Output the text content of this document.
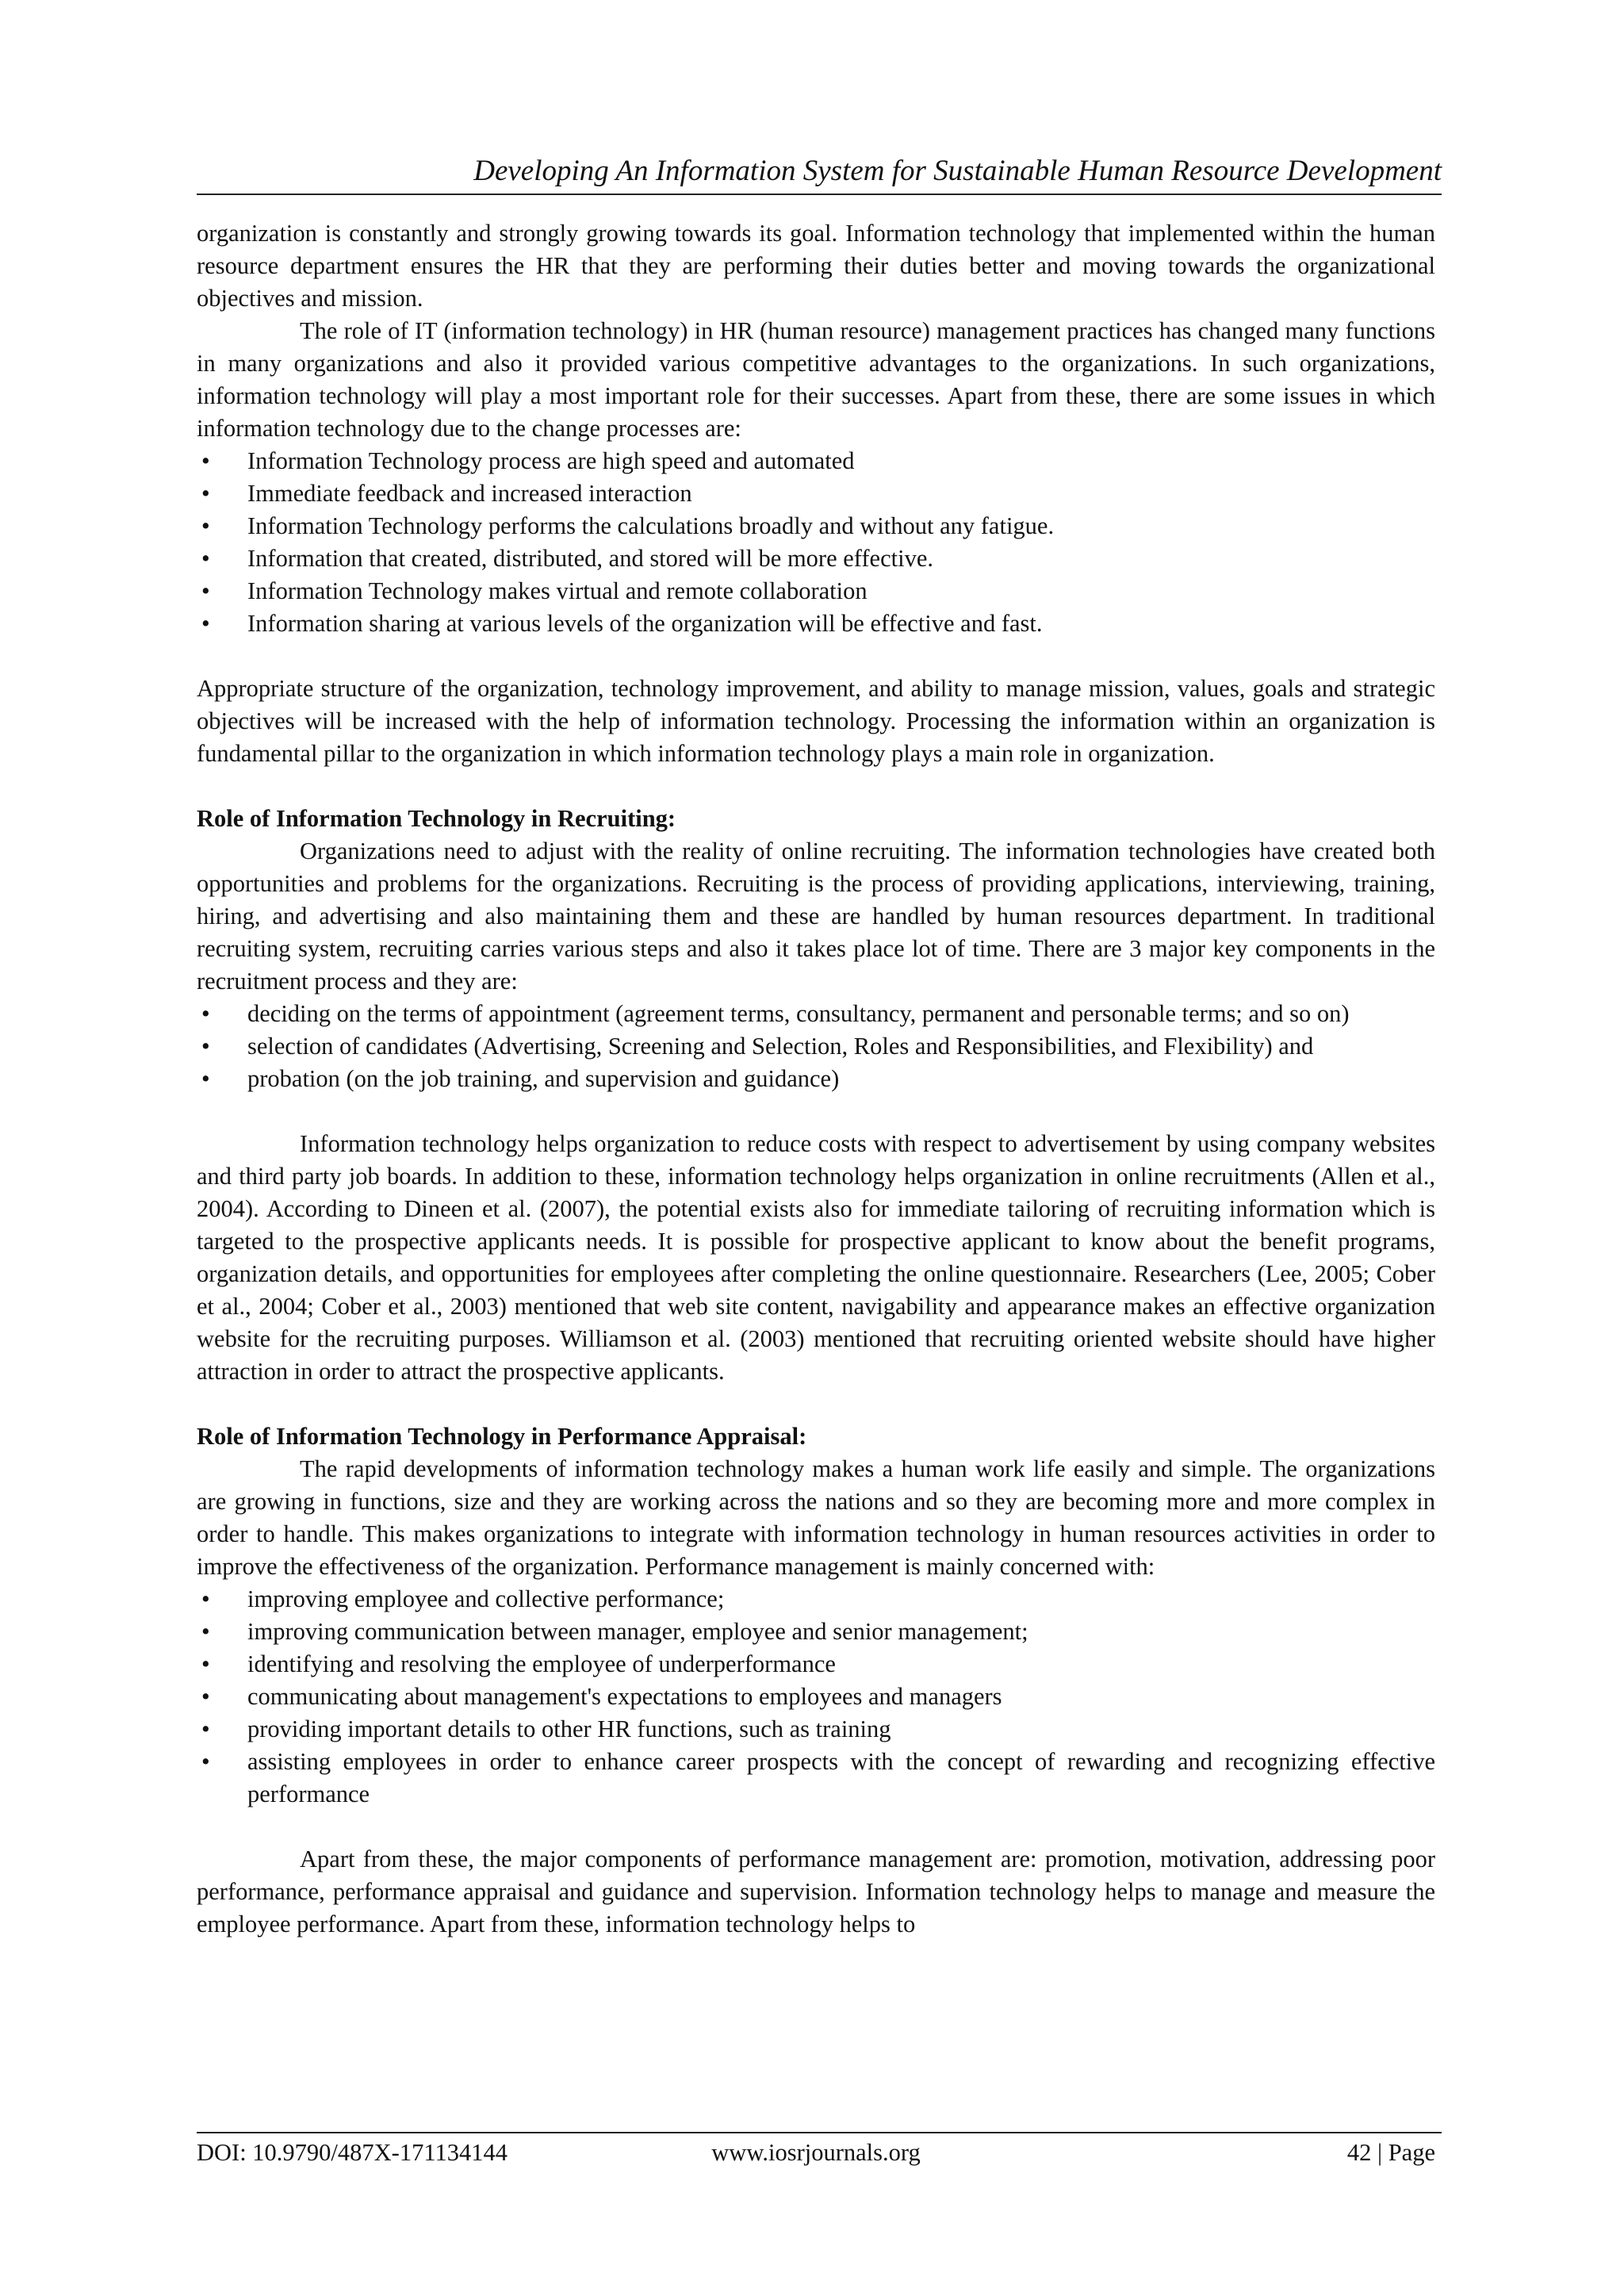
Developing An Information System for Sustainable Human Resource Development

organization is constantly and strongly growing towards its goal. Information technology that implemented within the human resource department ensures the HR that they are performing their duties better and moving towards the organizational objectives and mission.

The role of IT (information technology) in HR (human resource) management practices has changed many functions in many organizations and also it provided various competitive advantages to the organizations. In such organizations, information technology will play a most important role for their successes. Apart from these, there are some issues in which information technology due to the change processes are:

• Information Technology process are high speed and automated
• Immediate feedback and increased interaction
• Information Technology performs the calculations broadly and without any fatigue.
• Information that created, distributed, and stored will be more effective.
• Information Technology makes virtual and remote collaboration
• Information sharing at various levels of the organization will be effective and fast.

Appropriate structure of the organization, technology improvement, and ability to manage mission, values, goals and strategic objectives will be increased with the help of information technology. Processing the information within an organization is fundamental pillar to the organization in which information technology plays a main role in organization.

Role of Information Technology in Recruiting:

Organizations need to adjust with the reality of online recruiting. The information technologies have created both opportunities and problems for the organizations. Recruiting is the process of providing applications, interviewing, training, hiring, and advertising and also maintaining them and these are handled by human resources department. In traditional recruiting system, recruiting carries various steps and also it takes place lot of time. There are 3 major key components in the recruitment process and they are:

• deciding on the terms of appointment (agreement terms, consultancy, permanent and personable terms; and so on)
• selection of candidates (Advertising, Screening and Selection, Roles and Responsibilities, and Flexibility) and
• probation (on the job training, and supervision and guidance)

Information technology helps organization to reduce costs with respect to advertisement by using company websites and third party job boards. In addition to these, information technology helps organization in online recruitments (Allen et al., 2004). According to Dineen et al. (2007), the potential exists also for immediate tailoring of recruiting information which is targeted to the prospective applicants needs. It is possible for prospective applicant to know about the benefit programs, organization details, and opportunities for employees after completing the online questionnaire. Researchers (Lee, 2005; Cober et al., 2004; Cober et al., 2003) mentioned that web site content, navigability and appearance makes an effective organization website for the recruiting purposes. Williamson et al. (2003) mentioned that recruiting oriented website should have higher attraction in order to attract the prospective applicants.

Role of Information Technology in Performance Appraisal:

The rapid developments of information technology makes a human work life easily and simple. The organizations are growing in functions, size and they are working across the nations and so they are becoming more and more complex in order to handle. This makes organizations to integrate with information technology in human resources activities in order to improve the effectiveness of the organization. Performance management is mainly concerned with:

• improving employee and collective performance;
• improving communication between manager, employee and senior management;
• identifying and resolving the employee of underperformance
• communicating about management's expectations to employees and managers
• providing important details to other HR functions, such as training
• assisting employees in order to enhance career prospects with the concept of rewarding and recognizing effective performance

Apart from these, the major components of performance management are: promotion, motivation, addressing poor performance, performance appraisal and guidance and supervision. Information technology helps to manage and measure the employee performance. Apart from these, information technology helps to

DOI: 10.9790/487X-171134144	www.iosrjournals.org	42 | Page
